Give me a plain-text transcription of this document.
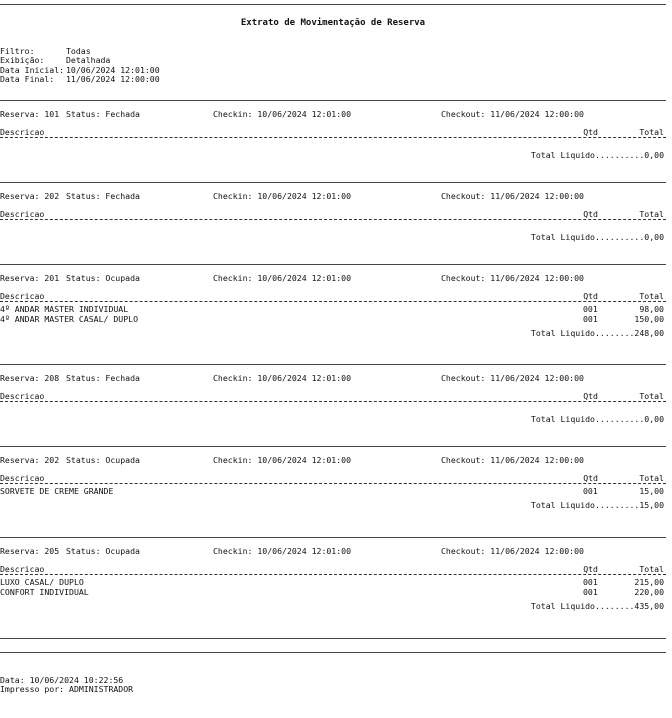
Extrato de Movimentação de Reserva
Filtro:	Todas
Exibição:	Detalhada
Data Inicial: 10/06/2024 12:01:00
Data Final: 11/06/2024 12:00:00
Reserva: 101 Status: Fechada	Checkin: 10/06/2024 12:01:00	Checkout: 11/06/2024 12:00:00
Descricao	Qtd	Total
Total Liquido..........0,00
Reserva: 202 Status: Fechada	Checkin: 10/06/2024 12:01:00	Checkout: 11/06/2024 12:00:00
Descricao	Qtd	Total
Total Liquido..........0,00
Reserva: 201 Status: Ocupada	Checkin: 10/06/2024 12:01:00	Checkout: 11/06/2024 12:00:00
Descricao	Qtd	Total
4º ANDAR MASTER INDIVIDUAL	001	98,00
4º ANDAR MASTER CASAL/ DUPLO	001	150,00
Total Liquido........248,00
Reserva: 208 Status: Fechada	Checkin: 10/06/2024 12:01:00	Checkout: 11/06/2024 12:00:00
Descricao	Qtd	Total
Total Liquido..........0,00
Reserva: 202 Status: Ocupada	Checkin: 10/06/2024 12:01:00	Checkout: 11/06/2024 12:00:00
Descricao	Qtd	Total
SORVETE DE CREME GRANDE	001	15,00
Total Liquido.........15,00
Reserva: 205 Status: Ocupada	Checkin: 10/06/2024 12:01:00	Checkout: 11/06/2024 12:00:00
Descricao	Qtd	Total
LUXO CASAL/ DUPLO	001	215,00
CONFORT INDIVIDUAL	001	220,00
Total Liquido........435,00
Data: 10/06/2024 10:22:56
Impresso por: ADMINISTRADOR
